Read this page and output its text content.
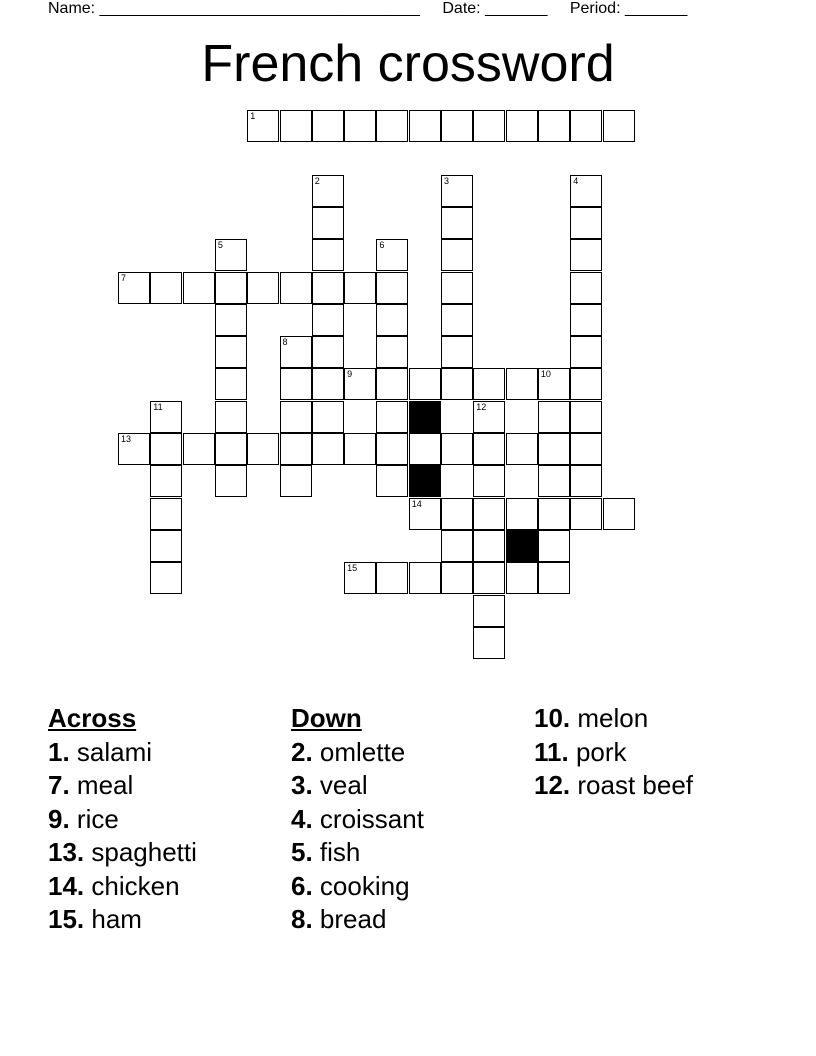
Name: ____________________________________ Date: _______ Period: _______
French crossword
1
2	3	4
7
5	6
8
9	10
11
13
12
14
15
Across
1. salami
7. meal
9. rice
13. spaghetti
14. chicken
15. ham
Down
2. omlette
3. veal
4. croissant
5. fish
6. cooking
8. bread
10. melon
11. pork
12. roast beef
